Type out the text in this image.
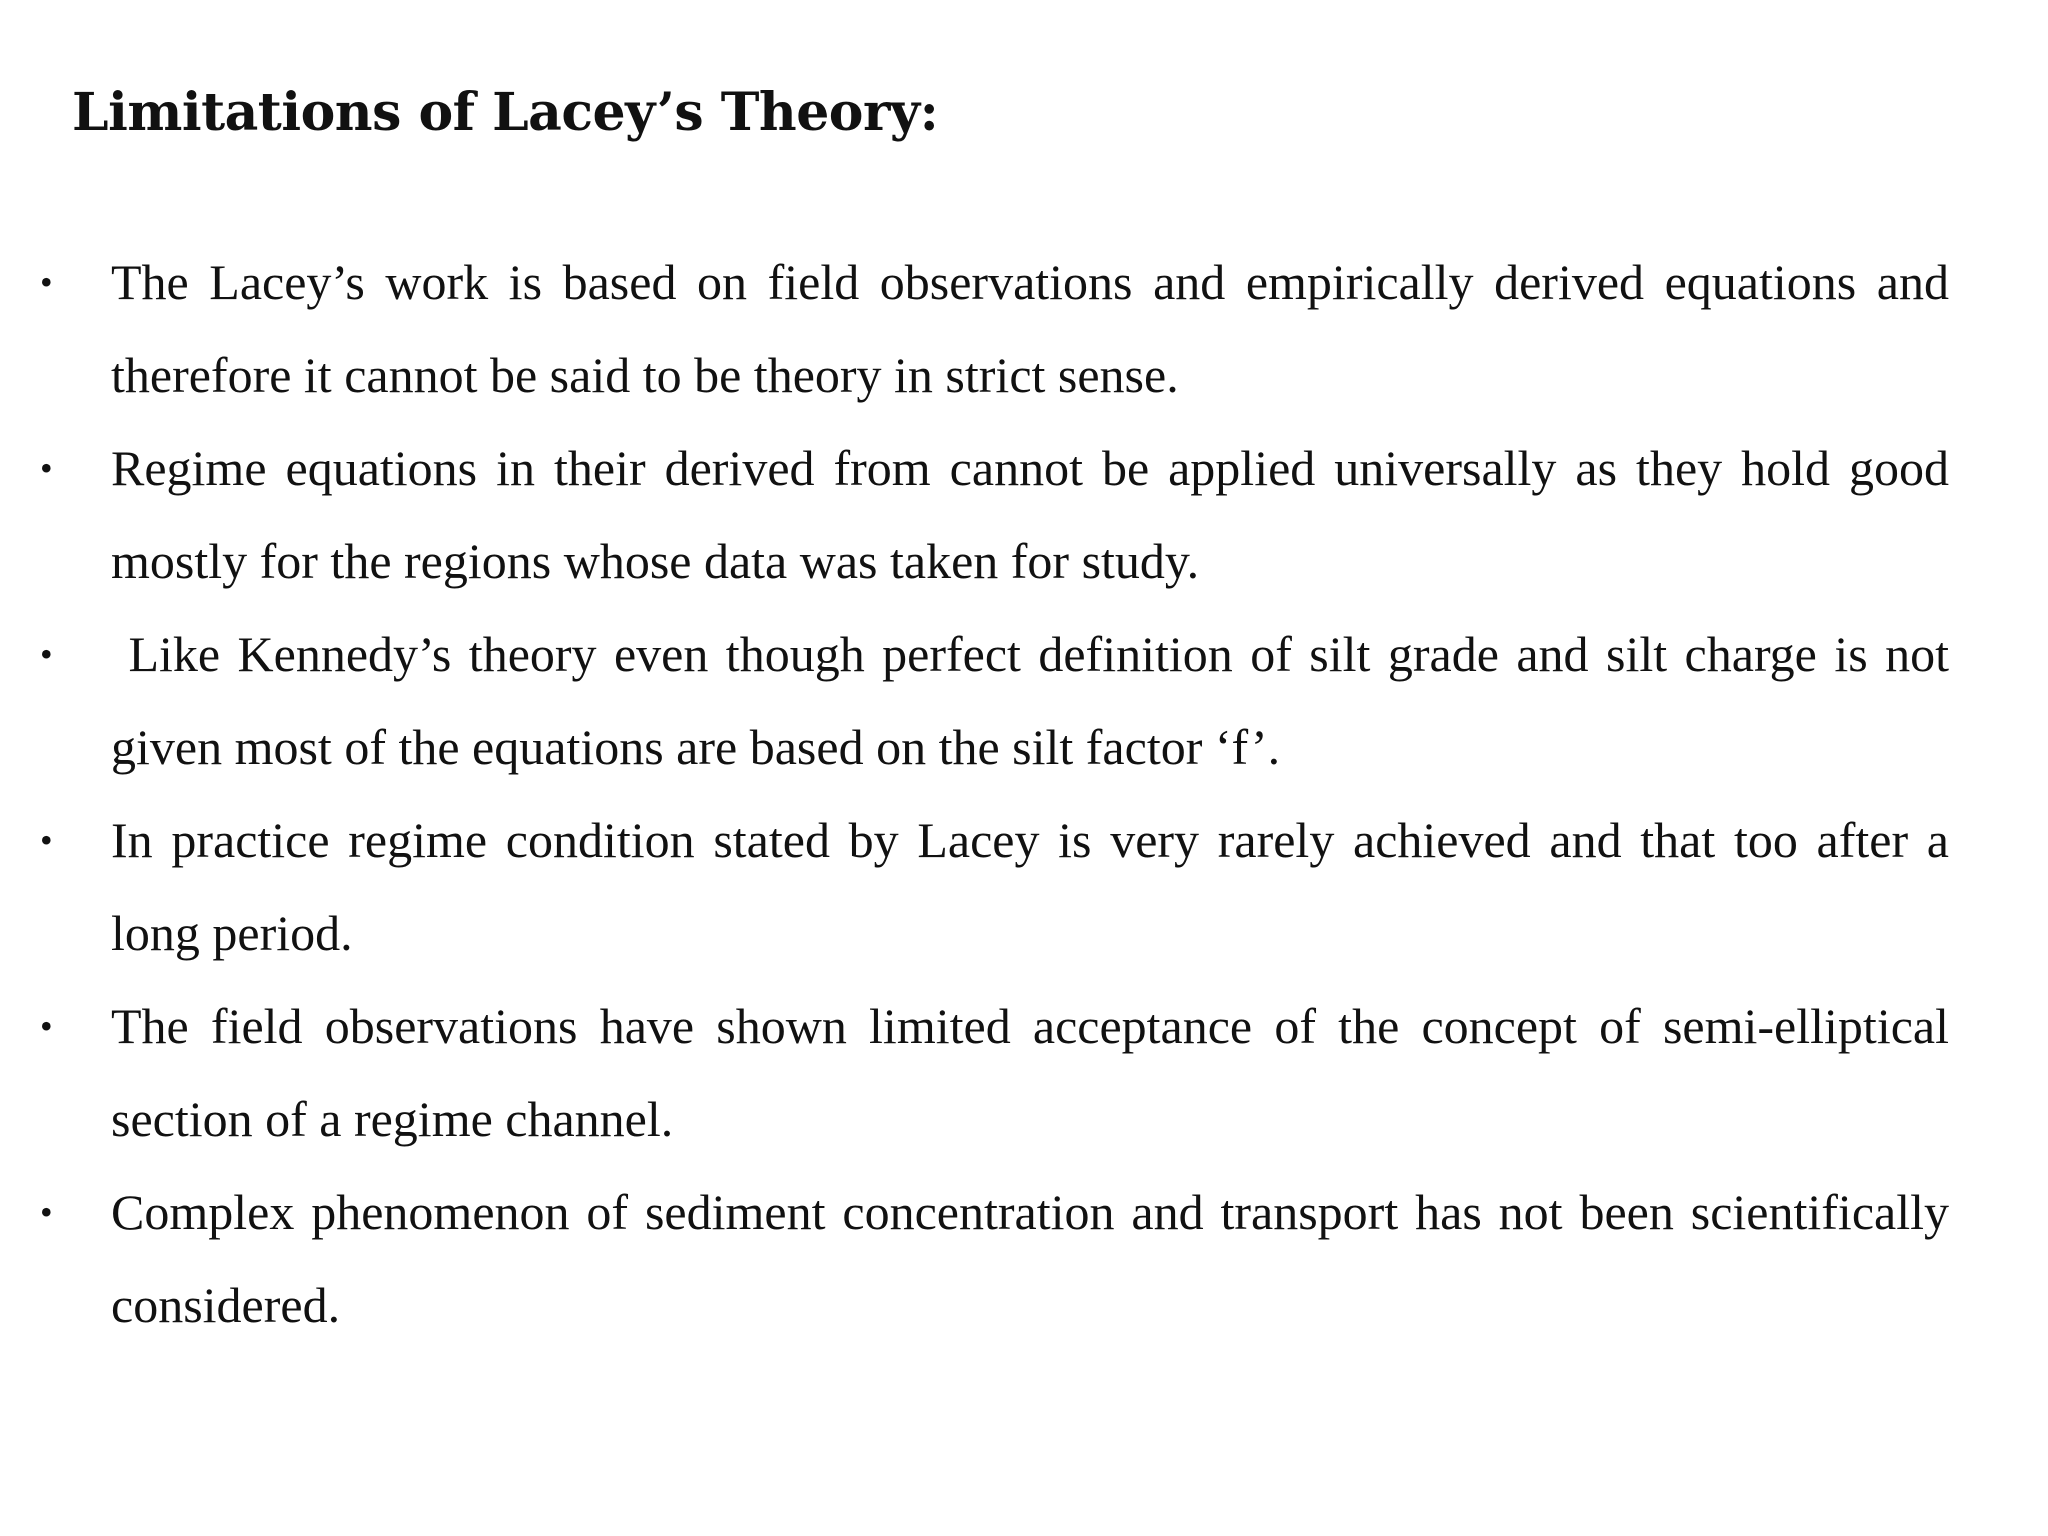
Limitations of Lacey’s Theory:
•	The Lacey’s work is based on field observations and empirically derived equations and therefore it cannot be said to be theory in strict sense.
•	Regime equations in their derived from cannot be applied universally as they hold good mostly for the regions whose data was taken for study.
•	Like Kennedy’s theory even though perfect definition of silt grade and silt charge is not given most of the equations are based on the silt factor ‘f’.
•	In practice regime condition stated by Lacey is very rarely achieved and that too after a long period.
•	The field observations have shown limited acceptance of the concept of semi-elliptical section of a regime channel.
•	Complex phenomenon of sediment concentration and transport has not been scientifically considered.
